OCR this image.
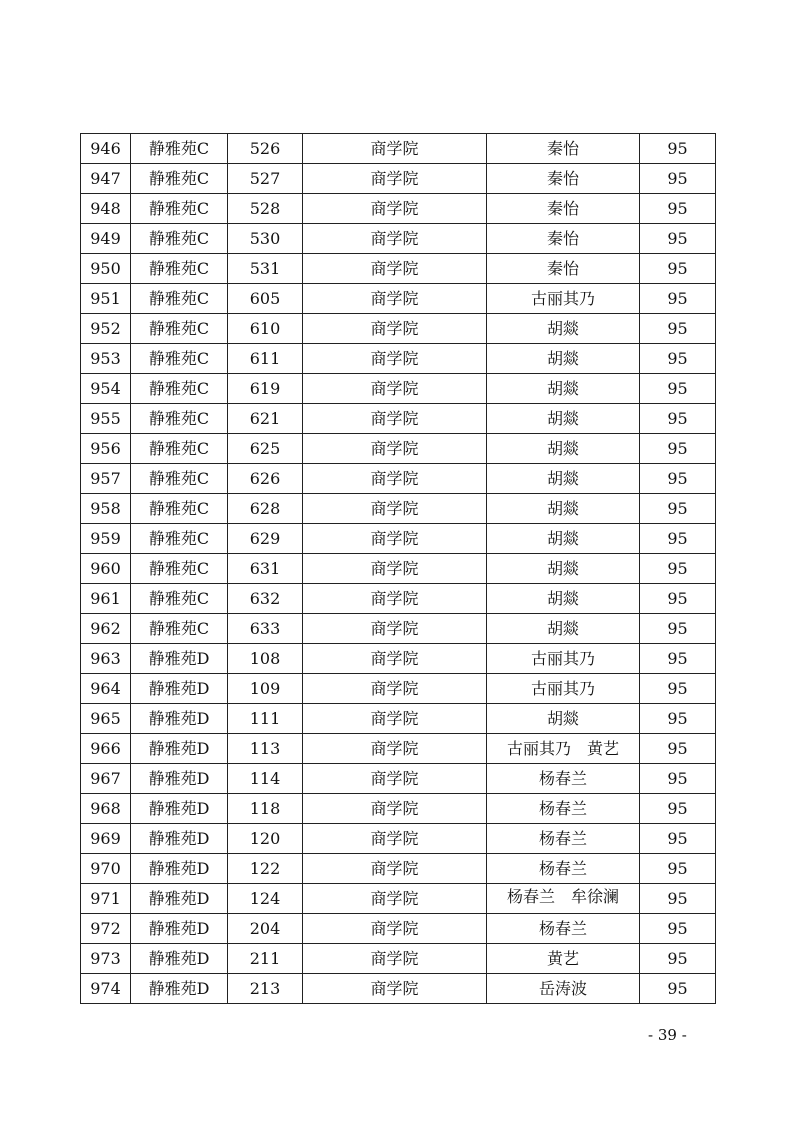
946	静雅苑C	526	商学院	秦怡	95
947	静雅苑C	527	商学院	秦怡	95
948	静雅苑C	528	商学院	秦怡	95
949	静雅苑C	530	商学院	秦怡	95
950	静雅苑C	531	商学院	秦怡	95
951	静雅苑C	605	商学院	古丽其乃	95
952	静雅苑C	610	商学院	胡燚	95
953	静雅苑C	611	商学院	胡燚	95
954	静雅苑C	619	商学院	胡燚	95
955	静雅苑C	621	商学院	胡燚	95
956	静雅苑C	625	商学院	胡燚	95
957	静雅苑C	626	商学院	胡燚	95
958	静雅苑C	628	商学院	胡燚	95
959	静雅苑C	629	商学院	胡燚	95
960	静雅苑C	631	商学院	胡燚	95
961	静雅苑C	632	商学院	胡燚	95
962	静雅苑C	633	商学院	胡燚	95
963	静雅苑D	108	商学院	古丽其乃	95
964	静雅苑D	109	商学院	古丽其乃	95
965	静雅苑D	111	商学院	胡燚	95
966	静雅苑D	113	商学院	古丽其乃　黄艺	95
967	静雅苑D	114	商学院	杨春兰	95
968	静雅苑D	118	商学院	杨春兰	95
969	静雅苑D	120	商学院	杨春兰	95
970	静雅苑D	122	商学院	杨春兰	95
971	静雅苑D	124	商学院	杨春兰　牟徐澜	95
972	静雅苑D	204	商学院	杨春兰	95
973	静雅苑D	211	商学院	黄艺	95
974	静雅苑D	213	商学院	岳涛波	95
- 39 -
